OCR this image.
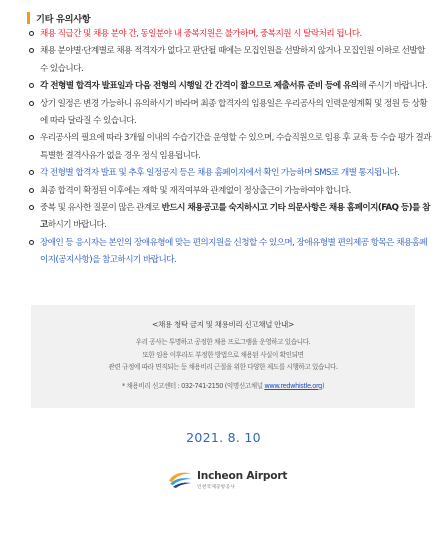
기타 유의사항
채용 직급간 및 채용 분야 간, 동일분야 내 중복지원은 불가하며, 중복지원 시 탈락처리 됩니다.
채용 분야별·단계별로 채용 적격자가 없다고 판단될 때에는 모집인원을 선발하지 않거나 모집인원 이하로 선발할 수 있습니다.
각 전형별 합격자 발표일과 다음 전형의 시행일 간 간격이 짧으므로 제출서류 준비 등에 유의해 주시기 바랍니다.
상기 일정은 변경 가능하니 유의하시기 바라며 최종 합격자의 임용일은 우리공사의 인력운영계획 및 정원 등 상황에 따라 달라질 수 있습니다.
우리공사의 필요에 따라 3개월 이내의 수습기간을 운영할 수 있으며, 수습직원으로 임용 후 교육 등 수습 평가 결과 특별한 결격사유가 없을 경우 정식 임용됩니다.
각 전형별 합격자 발표 및 추후 일정공지 등은 채용 홈페이지에서 확인 가능하며 SMS로 개별 통지됩니다.
최종 합격이 확정된 이후에는 재학 및 재직여부와 관계없이 정상출근이 가능하여야 합니다.
중복 및 유사한 질문이 많은 관계로 반드시 채용공고를 숙지하시고 기타 의문사항은 채용 홈페이지(FAQ 등)를 참고하시기 바랍니다.
장애인 등 응시자는 본인의 장애유형에 맞는 편의지원을 신청할 수 있으며, 장애유형별 편의제공 항목은 채용홈페이지(공지사항)을 참고하시기 바랍니다.
<채용 청탁 금지 및 채용비리 신고채널 안내>
우리 공사는 투명하고 공정한 채용 프로그램을 운영하고 있습니다.
또한 임용 이후라도 부정한 방법으로 채용된 사실이 확인되면
관련 규정에 따라 면직되는 등 채용비리 근절을 위한 다양한 제도를 시행하고 있습니다.
* 채용비리 신고센터 : 032-741-2150 (익명신고채널 www.redwhistle.org)
2021. 8. 10
Incheon Airport
인천국제공항공사
